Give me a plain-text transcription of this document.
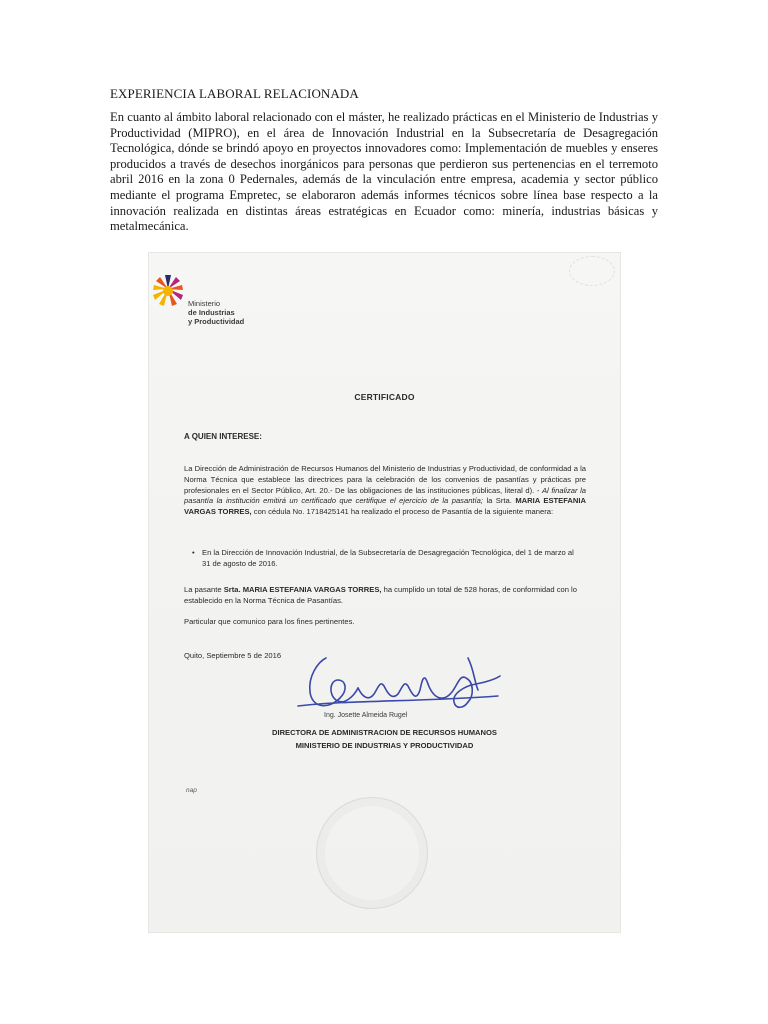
EXPERIENCIA LABORAL RELACIONADA

En cuanto al ámbito laboral relacionado con el máster, he realizado prácticas en el Ministerio de Industrias y Productividad (MIPRO), en el área de Innovación Industrial en la Subsecretaría de Desagregación Tecnológica, dónde se brindó apoyo en proyectos innovadores como: Implementación de muebles y enseres producidos a través de desechos inorgánicos para personas que perdieron sus pertenencias en el terremoto abril 2016 en la zona 0 Pedernales, además de la vinculación entre empresa, academia y sector público mediante el programa Empretec, se elaboraron además informes técnicos sobre línea base respecto a la innovación realizada en distintas áreas estratégicas en Ecuador como: minería, industrias básicas y metalmecánica.

Ministerio
de Industrias
y Productividad
CERTIFICADO

A QUIEN INTERESE:

La Dirección de Administración de Recursos Humanos del Ministerio de Industrias y Productividad, de conformidad a la Norma Técnica que establece las directrices para la celebración de los convenios de pasantías y prácticas pre profesionales en el Sector Público, Art. 20.- De las obligaciones de las instituciones públicas, literal d). - Al finalizar la pasantía la institución emitirá un certificado que certifique el ejercicio de la pasantía; la Srta. MARIA ESTEFANIA VARGAS TORRES, con cédula No. 1718425141 ha realizado el proceso de Pasantía de la siguiente manera:

• En la Dirección de Innovación Industrial, de la Subsecretaría de Desagregación Tecnológica, del 1 de marzo al 31 de agosto de 2016.

La pasante Srta. MARIA ESTEFANIA VARGAS TORRES, ha cumplido un total de 528 horas, de conformidad con lo establecido en la Norma Técnica de Pasantías.

Particular que comunico para los fines pertinentes.

Quito, Septiembre 5 de 2016

Ing. Josette Almeida Rugel

DIRECTORA DE ADMINISTRACION DE RECURSOS HUMANOS
MINISTERIO DE INDUSTRIAS Y PRODUCTIVIDAD

nap
